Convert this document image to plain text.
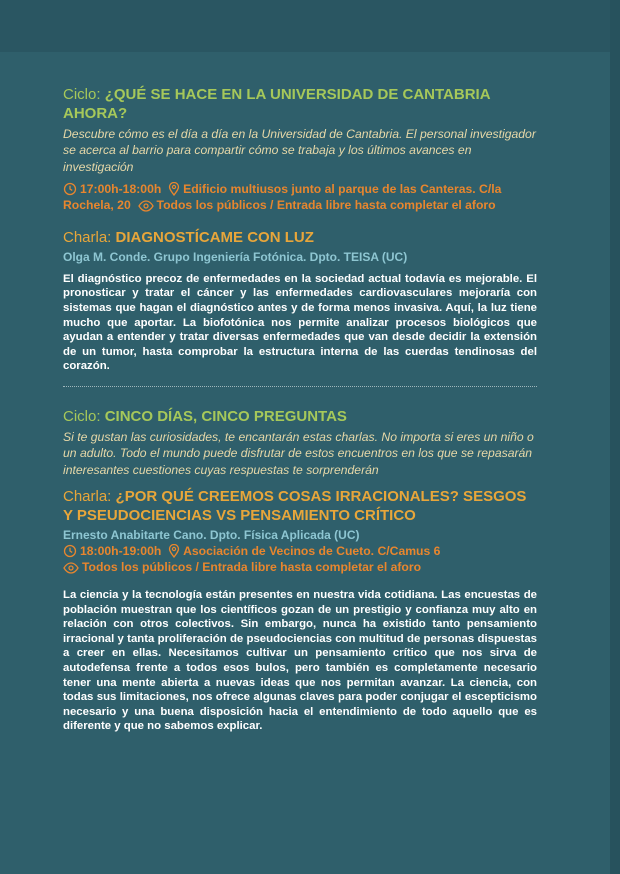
Ciclo: ¿QUÉ SE HACE EN LA UNIVERSIDAD DE CANTABRIA AHORA?
Descubre cómo es el día a día en la Universidad de Cantabria. El personal investigador se acerca al barrio para compartir cómo se trabaja y los últimos avances en investigación
17:00h-18:00h Edificio multiusos junto al parque de las Canteras. C/la Rochela, 20 Todos los públicos / Entrada libre hasta completar el aforo
Charla: DIAGNOSTÍCAME CON LUZ
Olga M. Conde. Grupo Ingeniería Fotónica. Dpto. TEISA (UC)
El diagnóstico precoz de enfermedades en la sociedad actual todavía es mejorable. El pronosticar y tratar el cáncer y las enfermedades cardiovasculares mejoraría con sistemas que hagan el diagnóstico antes y de forma menos invasiva. Aquí, la luz tiene mucho que aportar. La biofotónica nos permite analizar procesos biológicos que ayudan a entender y tratar diversas enfermedades que van desde decidir la extensión de un tumor, hasta comprobar la estructura interna de las cuerdas tendinosas del corazón.
Ciclo: CINCO DÍAS, CINCO PREGUNTAS
Si te gustan las curiosidades, te encantarán estas charlas. No importa si eres un niño o un adulto. Todo el mundo puede disfrutar de estos encuentros en los que se repasarán interesantes cuestiones cuyas respuestas te sorprenderán
Charla: ¿POR QUÉ CREEMOS COSAS IRRACIONALES? SESGOS Y PSEUDOCIENCIAS VS PENSAMIENTO CRÍTICO
Ernesto Anabitarte Cano. Dpto. Física Aplicada (UC)
18:00h-19:00h Asociación de Vecinos de Cueto. C/Camus 6
Todos los públicos / Entrada libre hasta completar el aforo
La ciencia y la tecnología están presentes en nuestra vida cotidiana. Las encuestas de población muestran que los científicos gozan de un prestigio y confianza muy alto en relación con otros colectivos. Sin embargo, nunca ha existido tanto pensamiento irracional y tanta proliferación de pseudociencias con multitud de personas dispuestas a creer en ellas. Necesitamos cultivar un pensamiento crítico que nos sirva de autodefensa frente a todos esos bulos, pero también es completamente necesario tener una mente abierta a nuevas ideas que nos permitan avanzar. La ciencia, con todas sus limitaciones, nos ofrece algunas claves para poder conjugar el escepticismo necesario y una buena disposición hacia el entendimiento de todo aquello que es diferente y que no sabemos explicar.
